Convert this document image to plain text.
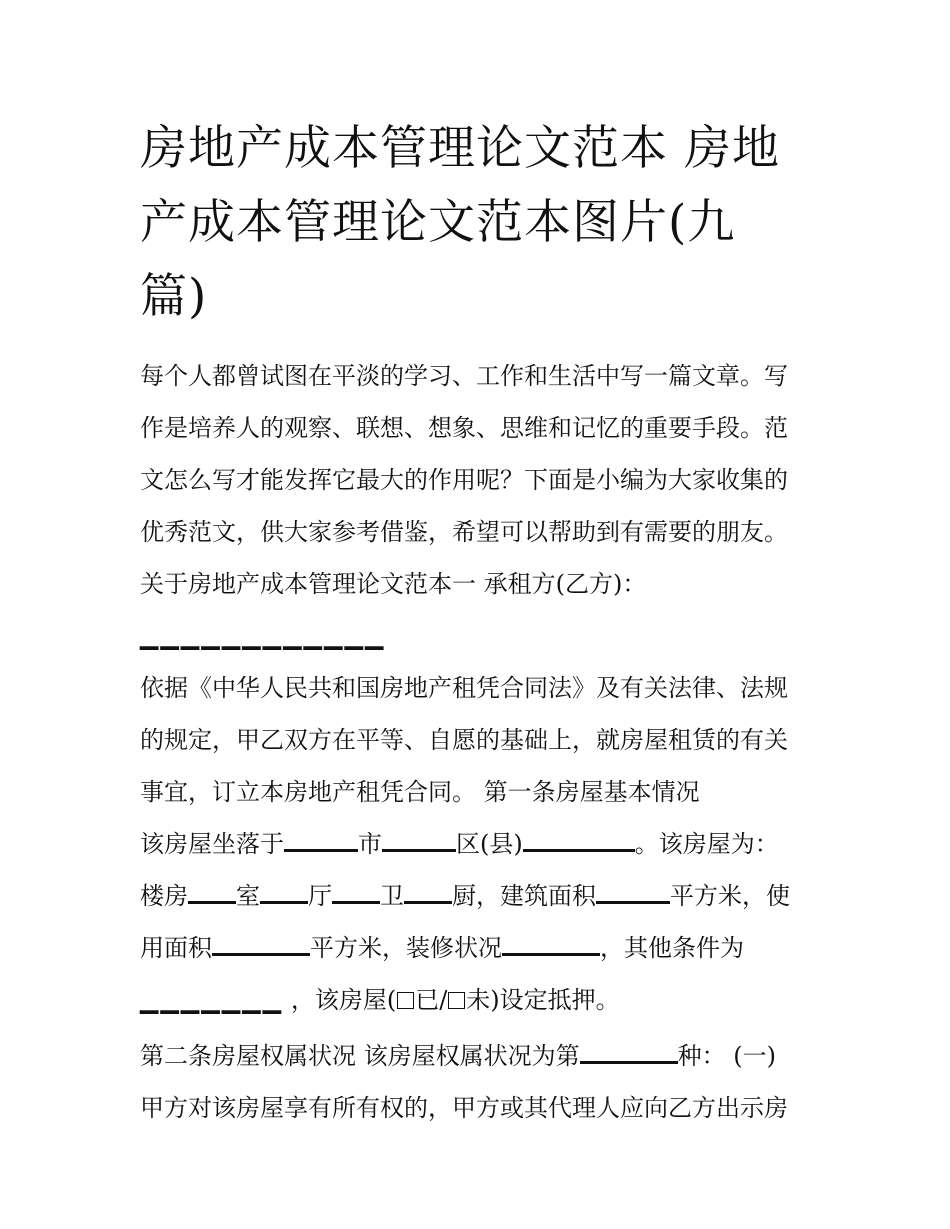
房地产成本管理论文范本 房地
产成本管理论文范本图片(九
篇)
每个人都曾试图在平淡的学习、工作和生活中写一篇文章。写
作是培养人的观察、联想、想象、思维和记忆的重要手段。范
文怎么写才能发挥它最大的作用呢？下面是小编为大家收集的
优秀范文，供大家参考借鉴，希望可以帮助到有需要的朋友。
关于房地产成本管理论文范本一 承租方(乙方)：
▁▁▁▁▁▁▁▁▁▁▁▁
依据《中华人民共和国房地产租凭合同法》及有关法律、法规
的规定，甲乙双方在平等、自愿的基础上，就房屋租赁的有关
事宜，订立本房地产租凭合同。 第一条房屋基本情况
该房屋坐落于	市	区(县)	。该房屋为：
楼房 室 厅 卫 厨，建筑面积	平方米，使
用面积	平方米，装修状况	，其他条件为
▁▁▁▁▁▁▁ ，该房屋( 已/ 未)设定抵押。
第二条房屋权属状况 该房屋权属状况为第	种： (一)
甲方对该房屋享有所有权的，甲方或其代理人应向乙方出示房
